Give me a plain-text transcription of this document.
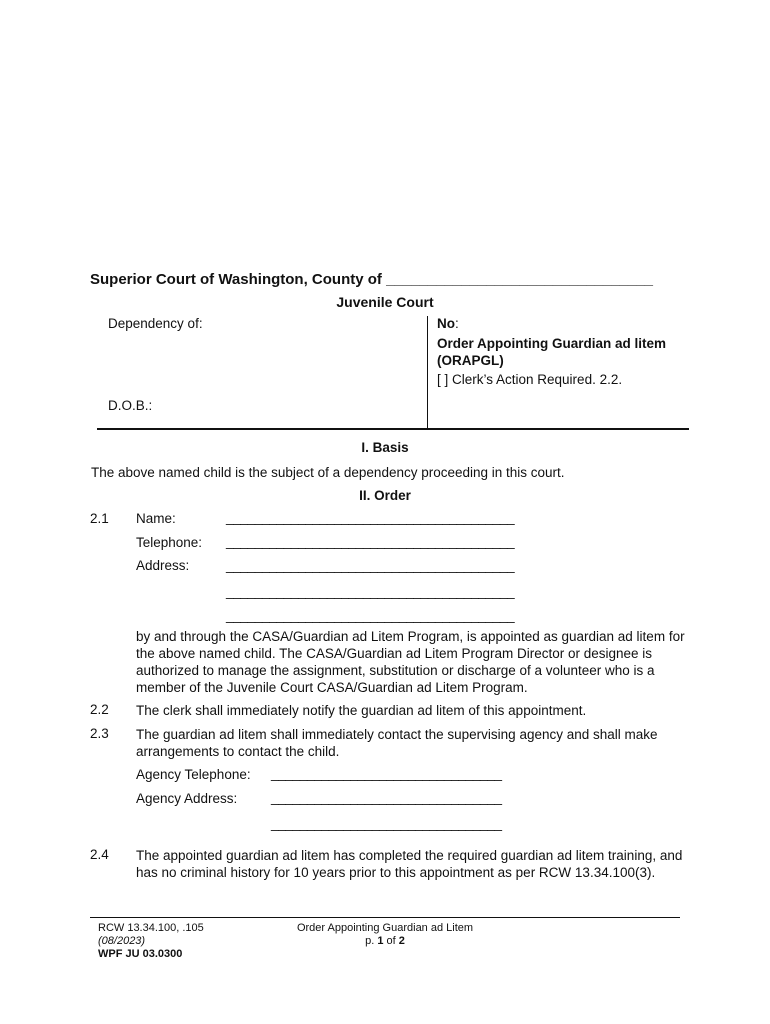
Superior Court of Washington, County of ________________________________
Juvenile Court
Dependency of:
D.O.B.:
No:
Order Appointing Guardian ad litem (ORAPGL)
[ ] Clerk’s Action Required. 2.2.
I. Basis
The above named child is the subject of a dependency proceeding in this court.
II. Order
2.1 Name:	________________________________________
Telephone: ________________________________________
Address:	________________________________________
________________________________________
________________________________________
by and through the CASA/Guardian ad Litem Program, is appointed as guardian ad litem for the above named child. The CASA/Guardian ad Litem Program Director or designee is authorized to manage the assignment, substitution or discharge of a volunteer who is a member of the Juvenile Court CASA/Guardian ad Litem Program.
2.2 The clerk shall immediately notify the guardian ad litem of this appointment.
2.3 The guardian ad litem shall immediately contact the supervising agency and shall make arrangements to contact the child.
Agency Telephone: ________________________________
Agency Address: ________________________________
________________________________
2.4 The appointed guardian ad litem has completed the required guardian ad litem training, and has no criminal history for 10 years prior to this appointment as per RCW 13.34.100(3).
RCW 13.34.100, .105
(08/2023)
WPF JU 03.0300
Order Appointing Guardian ad Litem
p. 1 of 2
